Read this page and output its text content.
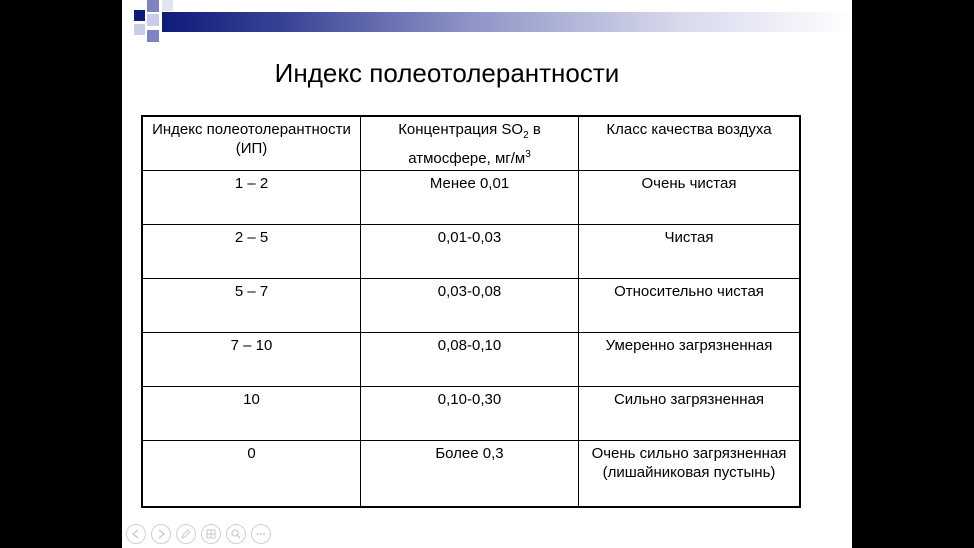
Индекс полеотолерантности
Индекс полеотолерантности (ИП)	Концентрация $SO_2$ в атмосфере, $мг/м^3$	Класс качества воздуха
1 – 2	Менее 0,01	Очень чистая
2 – 5	0,01-0,03	Чистая
5 – 7	0,03-0,08	Относительно чистая
7 – 10	0,08-0,10	Умеренно загрязненная
10	0,10-0,30	Сильно загрязненная
0	Более 0,3	Очень сильно загрязненная (лишайниковая пустынь)
